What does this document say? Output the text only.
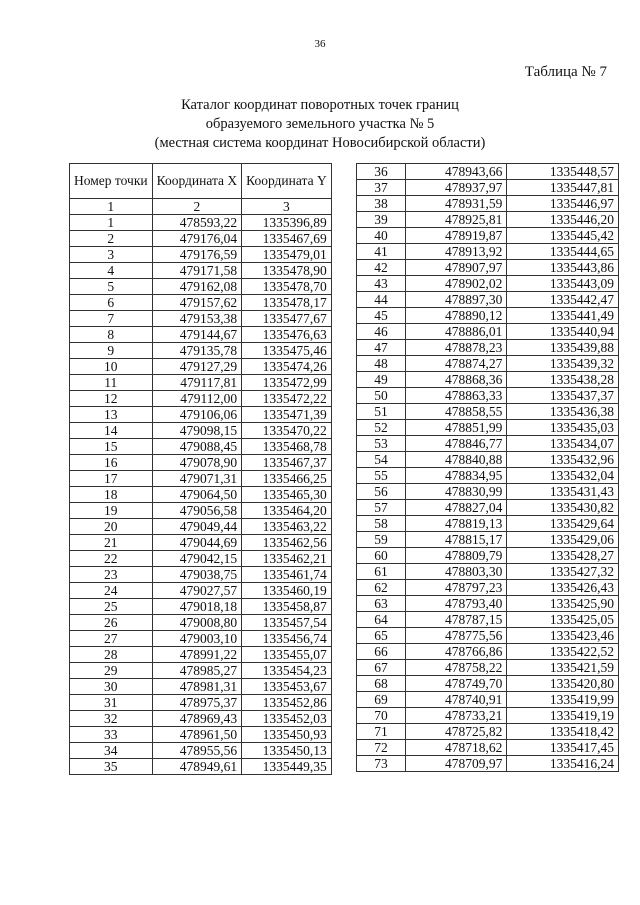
36
Таблица № 7
Каталог координат поворотных точек границ
образуемого земельного участка № 5
(местная система координат Новосибирской области)
Номер точки	Координата X	Координата Y
1	2	3
1	478593,22	1335396,89
2	479176,04	1335467,69
3	479176,59	1335479,01
4	479171,58	1335478,90
5	479162,08	1335478,70
6	479157,62	1335478,17
7	479153,38	1335477,67
8	479144,67	1335476,63
9	479135,78	1335475,46
10	479127,29	1335474,26
11	479117,81	1335472,99
12	479112,00	1335472,22
13	479106,06	1335471,39
14	479098,15	1335470,22
15	479088,45	1335468,78
16	479078,90	1335467,37
17	479071,31	1335466,25
18	479064,50	1335465,30
19	479056,58	1335464,20
20	479049,44	1335463,22
21	479044,69	1335462,56
22	479042,15	1335462,21
23	479038,75	1335461,74
24	479027,57	1335460,19
25	479018,18	1335458,87
26	479008,80	1335457,54
27	479003,10	1335456,74
28	478991,22	1335455,07
29	478985,27	1335454,23
30	478981,31	1335453,67
31	478975,37	1335452,86
32	478969,43	1335452,03
33	478961,50	1335450,93
34	478955,56	1335450,13
35	478949,61	1335449,35
36	478943,66	1335448,57
37	478937,97	1335447,81
38	478931,59	1335446,97
39	478925,81	1335446,20
40	478919,87	1335445,42
41	478913,92	1335444,65
42	478907,97	1335443,86
43	478902,02	1335443,09
44	478897,30	1335442,47
45	478890,12	1335441,49
46	478886,01	1335440,94
47	478878,23	1335439,88
48	478874,27	1335439,32
49	478868,36	1335438,28
50	478863,33	1335437,37
51	478858,55	1335436,38
52	478851,99	1335435,03
53	478846,77	1335434,07
54	478840,88	1335432,96
55	478834,95	1335432,04
56	478830,99	1335431,43
57	478827,04	1335430,82
58	478819,13	1335429,64
59	478815,17	1335429,06
60	478809,79	1335428,27
61	478803,30	1335427,32
62	478797,23	1335426,43
63	478793,40	1335425,90
64	478787,15	1335425,05
65	478775,56	1335423,46
66	478766,86	1335422,52
67	478758,22	1335421,59
68	478749,70	1335420,80
69	478740,91	1335419,99
70	478733,21	1335419,19
71	478725,82	1335418,42
72	478718,62	1335417,45
73	478709,97	1335416,24
